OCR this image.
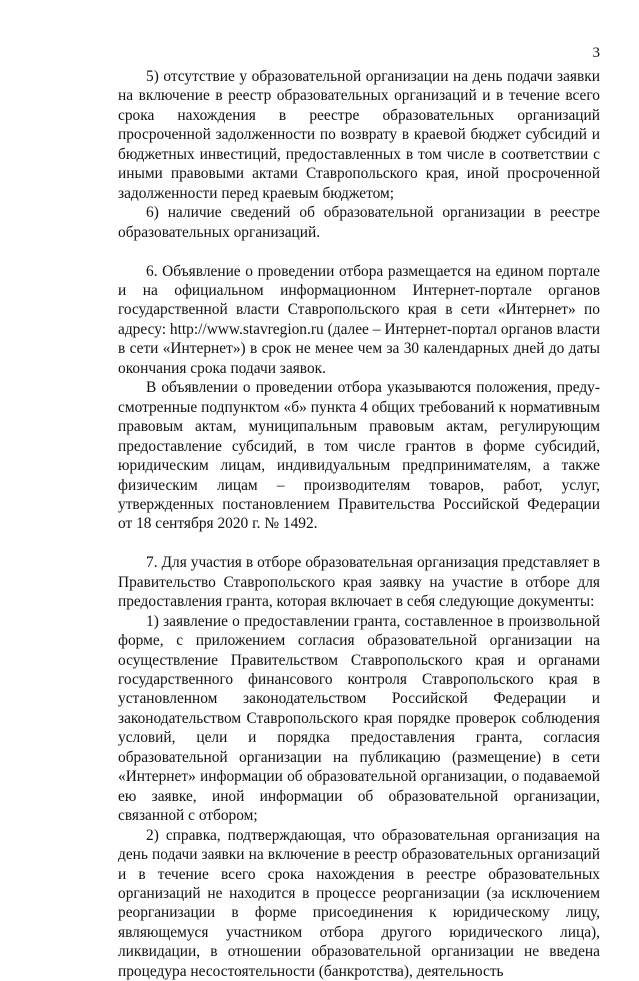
3

5) отсутствие у образовательной организации на день подачи заявки на включение в реестр образовательных организаций и в течение всего срока нахождения в реестре образовательных организаций просроченной задолженности по возврату в краевой бюджет субсидий и бюджетных инвестиций, предоставленных в том числе в соответствии с иными правовыми актами Ставропольского края, иной просроченной задолженности перед краевым бюджетом;

6) наличие сведений об образовательной организации в реестре образовательных организаций.

6. Объявление о проведении отбора размещается на едином портале и на официальном информационном Интернет-портале органов государственной власти Ставропольского края в сети «Интернет» по адресу: http://www.stavregion.ru (далее – Интернет-портал органов власти в сети «Интернет») в срок не менее чем за 30 календарных дней до даты окончания срока подачи заявок.

В объявлении о проведении отбора указываются положения, предусмотренные подпунктом «б» пункта 4 общих требований к нормативным правовым актам, муниципальным правовым актам, регулирующим предоставление субсидий, в том числе грантов в форме субсидий, юридическим лицам, индивидуальным предпринимателям, а также физическим лицам – производителям товаров, работ, услуг, утвержденных постановлением Правительства Российской Федерации от 18 сентября 2020 г. № 1492.

7. Для участия в отборе образовательная организация представляет в Правительство Ставропольского края заявку на участие в отборе для предоставления гранта, которая включает в себя следующие документы:

1) заявление о предоставлении гранта, составленное в произвольной форме, с приложением согласия образовательной организации на осуществление Правительством Ставропольского края и органами государственного финансового контроля Ставропольского края в установленном законодательством Российской Федерации и законодательством Ставропольского края порядке проверок соблюдения условий, цели и порядка предоставления гранта, согласия образовательной организации на публикацию (размещение) в сети «Интернет» информации об образовательной организации, о подаваемой ею заявке, иной информации об образовательной организации, связанной с отбором;

2) справка, подтверждающая, что образовательная организация на день подачи заявки на включение в реестр образовательных организаций и в течение всего срока нахождения в реестре образовательных организаций не находится в процессе реорганизации (за исключением реорганизации в форме присоединения к юридическому лицу, являющемуся участником отбора другого юридического лица), ликвидации, в отношении образовательной организации не введена процедура несостоятельности (банкротства), деятельность
